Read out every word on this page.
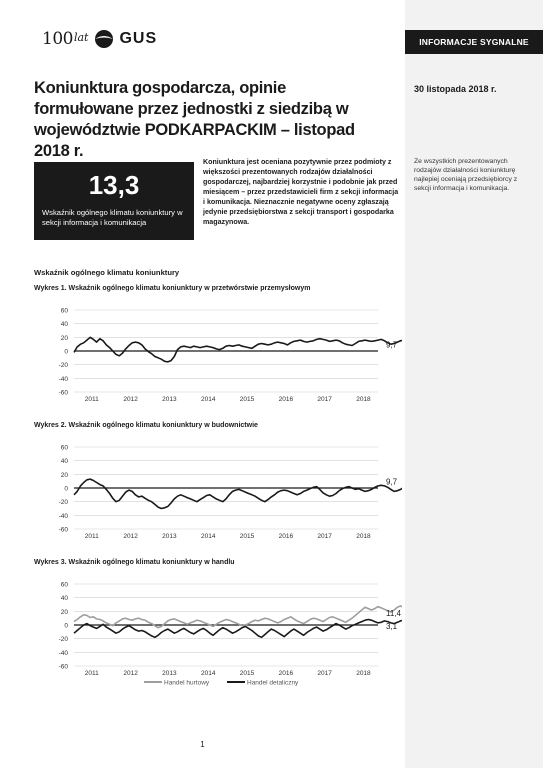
INFORMACJE SYGNALNE
30 listopada 2018 r.
Ze wszystkich prezentowanych rodzajów działalności koniunkturę najlepiej oceniają przedsiębiorcy z sekcji informacja i komunikacja.
100 lat GUS
Koniunktura gospodarcza, opinie formułowane przez jednostki z siedzibą w województwie PODKARPACKIM – listopad 2018 r.
13,3
Wskaźnik ogólnego klimatu koniunktury w sekcji informacja i komunikacja

Koniunktura jest oceniana pozytywnie przez podmioty z większości prezentowanych rodzajów działalności gospodarczej, najbardziej korzystnie i podobnie jak przed miesiącem – przez przedstawicieli firm z sekcji informacja i komunikacja. Nieznacznie negatywne oceny zgłaszają jedynie przedsiębiorstwa z sekcji transport i gospodarka magazynowa.

Wskaźnik ogólnego klimatu koniunktury
Wykres 1. Wskaźnik ogólnego klimatu koniunktury w przetwórstwie przemysłowym
60
40
20
0
-20
-40
-60
2011	2012	2013	2014	2015	2016	2017	2018
9,7
Wykres 2. Wskaźnik ogólnego klimatu koniunktury w budownictwie
60
40
20
0
-20
-40
-60
2011	2012	2013	2014	2015	2016	2017	2018
9,7
Wykres 3. Wskaźnik ogólnego klimatu koniunktury w handlu
60
40
20
0
-20
-40
-60
2011	2012	2013	2014	2015	2016	2017	2018
11,4
3,1
Handel hurtowy	Handel detaliczny
1
